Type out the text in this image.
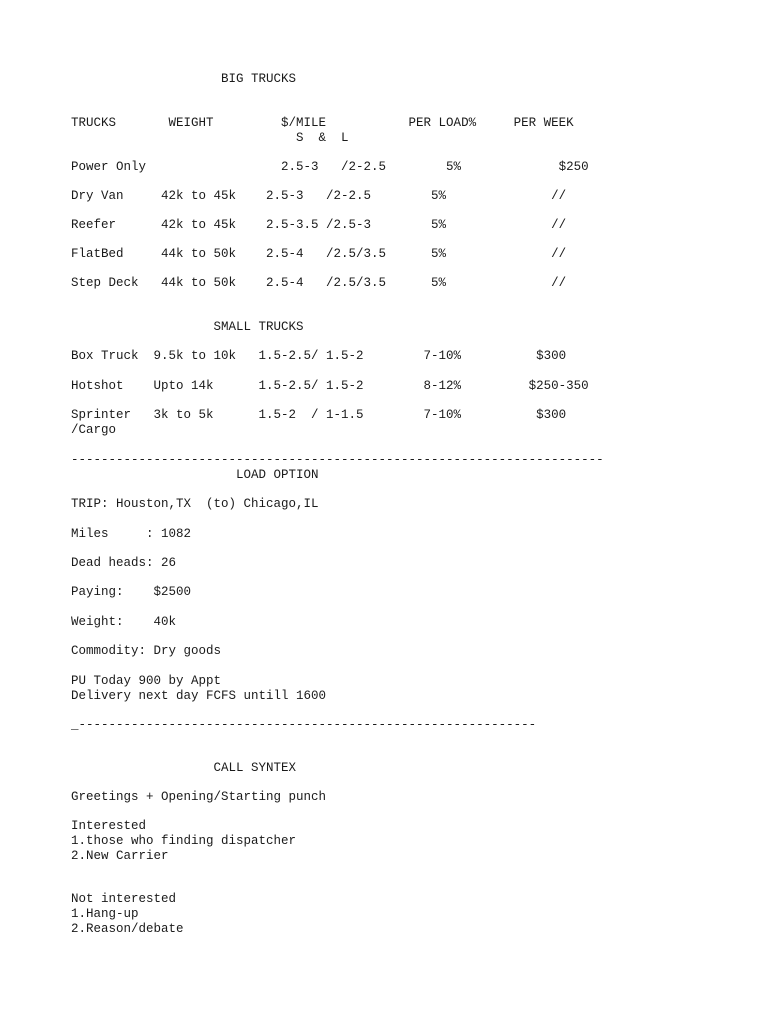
BIG TRUCKS
TRUCKS       WEIGHT         $/MILE           PER LOAD%     PER WEEK
S  &  L
Power Only                  2.5-3   /2-2.5        5%             $250
Dry Van     42k to 45k    2.5-3   /2-2.5        5%              //
Reefer      42k to 45k    2.5-3.5 /2.5-3        5%              //
FlatBed     44k to 50k    2.5-4   /2.5/3.5      5%              //
Step Deck   44k to 50k    2.5-4   /2.5/3.5      5%              //
SMALL TRUCKS
Box Truck  9.5k to 10k   1.5-2.5/ 1.5-2        7-10%          $300
Hotshot    Upto 14k      1.5-2.5/ 1.5-2        8-12%         $250-350
Sprinter   3k to 5k      1.5-2  / 1-1.5        7-10%          $300
/Cargo
-----------------------------------------------------------------------
LOAD OPTION
TRIP: Houston,TX  (to) Chicago,IL
Miles     : 1082
Dead heads: 26
Paying:    $2500
Weight:    40k
Commodity: Dry goods
PU Today 900 by Appt
Delivery next day FCFS untill 1600
_-------------------------------------------------------------
CALL SYNTEX
Greetings + Opening/Starting punch
Interested
1.those who finding dispatcher
2.New Carrier
Not interested
1.Hang-up
2.Reason/debate
